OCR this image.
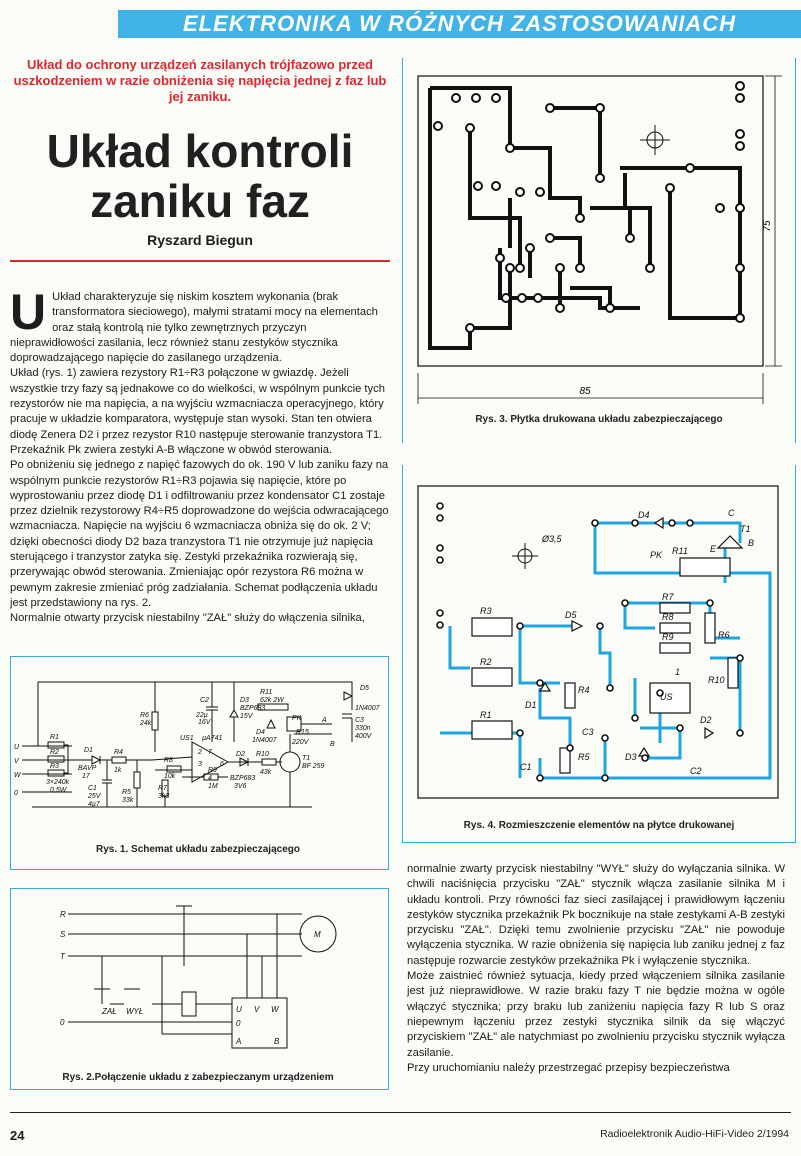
ELEKTRONIKA W RÓŻNYCH ZASTOSOWANIACH
Układ do ochrony urządzeń zasilanych trójfazowo przed uszkodzeniem w razie obniżenia się napięcia jednej z faz lub jej zaniku.
Układ kontroli
zaniku faz
Ryszard Biegun

U Układ charakteryzuje się niskim kosztem wykonania (brak transformatora sieciowego), małymi stratami mocy na elementach oraz stałą kontrolą nie tylko zewnętrznych przyczyn nieprawidłowości zasilania, lecz również stanu zestyków stycznika doprowadzającego napięcie do zasilanego urządzenia.

Układ (rys. 1) zawiera rezystory R1÷R3 połączone w gwiazdę. Jeżeli wszystkie trzy fazy są jednakowe co do wielkości, w wspólnym punkcie tych rezystorów nie ma napięcia, a na wyjściu wzmacniacza operacyjnego, który pracuje w układzie komparatora, występuje stan wysoki. Stan ten otwiera diodę Zenera D2 i przez rezystor R10 następuje sterowanie tranzystora T1. Przekaźnik Pk zwiera zestyki A-B włączone w obwód sterowania.

Po obniżeniu się jednego z napięć fazowych do ok. 190 V lub zaniku fazy na wspólnym punkcie rezystorów R1÷R3 pojawia się napięcie, które po wyprostowaniu przez diodę D1 i odfiltrowaniu przez kondensator C1 zostaje przez dzielnik rezystorowy R4÷R5 doprowadzone do wejścia odwracającego wzmacniacza. Napięcie na wyjściu 6 wzmacniacza obniża się do ok. 2 V; dzięki obecności diody D2 baza tranzystora T1 nie otrzymuje już napięcia sterującego i tranzystor zatyka się. Zestyki przekaźnika rozwierają się, przerywając obwód sterowania. Zmieniając opór rezystora R6 można w pewnym zakresie zmieniać próg zadziałania. Schemat podłączenia układu jest przedstawiony na rys. 2.

Normalnie otwarty przycisk niestabilny "ZAŁ" służy do włączenia silnika,

85
75
Rys. 3. Płytka drukowana układu zabezpieczającego
Ø3,5
D4	C
T1
E
B
PK R11
R7
R8
R9	R6
R10
1
US
R3
R2
R1
D5
R4
D1
R5
C3
C1
D3
C2
D2
Rys. 4. Rozmieszczenie elementów na płytce drukowanej
U
V
W
0
R1
R2
R3
3×240k
0,5W
D1
BAVP
17
C1
25V
4µ7
R4
1k
R5
33k
R6
24k
C2
22µ
16V
US1 µA741
R8
10k
R7
3k3
R9
1M
D3
BZP683
15V
D2
BZP683
3V6
R10
43k
T1
BF 259
R11
62k 2W
D4
1N4007
R15
220V
PK	A
B
D5
1N4007
C3
330n
400V
2
3
7
4
6
Rys. 1. Schemat układu zabezpieczającego
R
S
T
0
ZAŁ WYŁ
M
U V W
0
A	B
Rys. 2.Połączenie układu z zabezpieczanym urządzeniem

normalnie zwarty przycisk niestabilny "WYŁ" służy do wyłączania silnika. W chwili naciśnięcia przycisku "ZAŁ" stycznik włącza zasilanie silnika M i układu kontroli. Przy równości faz sieci zasilającej i prawidłowym łączeniu zestyków stycznika przekaźnik Pk bocznikuje na stałe zestykami A-B zestyki przycisku "ZAŁ". Dzięki temu zwolnienie przycisku "ZAŁ" nie powoduje wyłączenia stycznika. W razie obniżenia się napięcia lub zaniku jednej z faz następuje rozwarcie zestyków przekaźnika Pk i wyłączenie stycznika.

Może zaistnieć również sytuacja, kiedy przed włączeniem silnika zasilanie jest już nieprawidłowe. W razie braku fazy T nie będzie można w ogóle włączyć stycznika; przy braku lub zaniżeniu napięcia fazy R lub S oraz niepewnym łączeniu przez zestyki stycznika silnik da się włączyć przyciskiem "ZAŁ" ale natychmiast po zwolnieniu przycisku stycznik wyłącza zasilanie.

Przy uruchomianiu należy przestrzegać przepisy bezpieczeństwa

24	Radioelektronik Audio-HiFi-Video 2/1994
